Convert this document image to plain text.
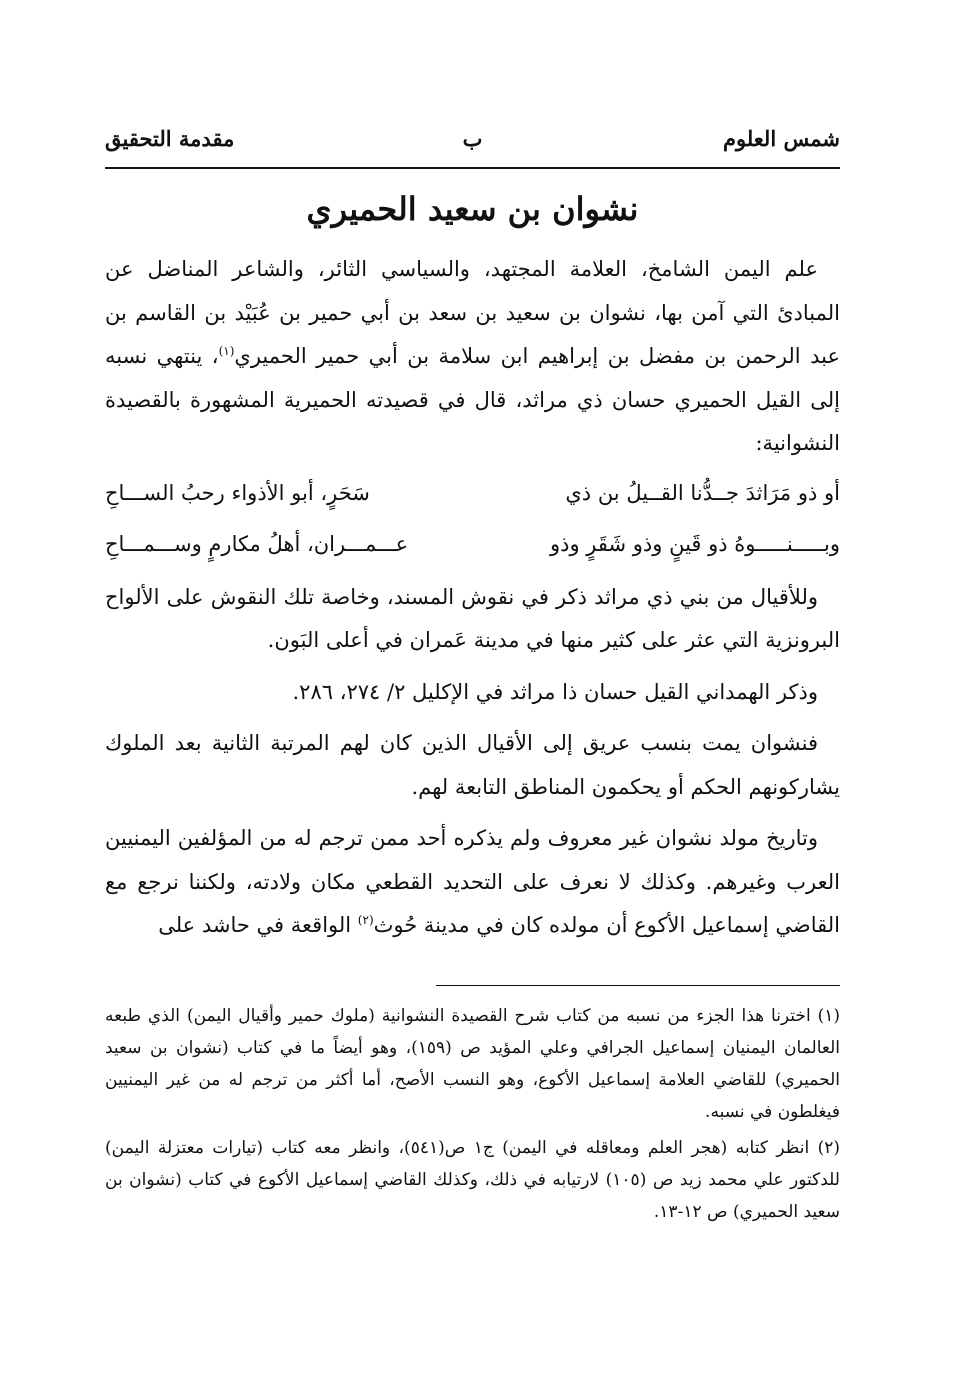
شمس العلوم
ب
مقدمة التحقيق
نشوان بن سعيد الحميري

علم اليمن الشامخ، العلامة المجتهد، والسياسي الثائر، والشاعر المناضل عن المبادئ التي آمن بها، نشوان بن سعيد بن سعد بن أبي حمير بن عُبَيْد بن القاسم بن عبد الرحمن بن مفضل بن إبراهيم ابن سلامة بن أبي حمير الحميري$^{(١)}$، ينتهي نسبه إلى القيل الحميري حسان ذي مراثد، قال في قصيدته الحميرية المشهورة بالقصيدة النشوانية:

أو ذو مَرَاثدَ جــدُّنا القــيلُ بن ذي
سَحَرٍ، أبو الأذواء رحبُ الســـاحِ
وبـــــنـــــوهُ ذو قَينٍ وذو شَقَرٍ وذو
عـــمـــران، أهلُ مكارمٍ وســـمـــاحِ

وللأقيال من بني ذي مراثد ذكر في نقوش المسند، وخاصة تلك النقوش على الألواح البرونزية التي عثر على كثير منها في مدينة عَمران في أعلى البَون.

وذكر الهمداني القيل حسان ذا مراثد في الإكليل ٢/ ٢٧٤، ٢٨٦.

فنشوان يمت بنسب عريق إلى الأقيال الذين كان لهم المرتبة الثانية بعد الملوك يشاركونهم الحكم أو يحكمون المناطق التابعة لهم.

وتاريخ مولد نشوان غير معروف ولم يذكره أحد ممن ترجم له من المؤلفين اليمنيين العرب وغيرهم. وكذلك لا نعرف على التحديد القطعي مكان ولادته، ولكننا نرجع مع القاضي إسماعيل الأكوع أن مولده كان في مدينة حُوث$^{(٢)}$ الواقعة في حاشد على

(١) اخترنا هذا الجزء من نسبه من كتاب شرح القصيدة النشوانية (ملوك حمير وأقيال اليمن) الذي طبعه العالمان اليمنيان إسماعيل الجرافي وعلي المؤيد ص (١٥٩)، وهو أيضاً ما في كتاب (نشوان بن سعيد الحميري) للقاضي العلامة إسماعيل الأكوع، وهو النسب الأصح، أما أكثر من ترجم له من غير اليمنيين فيغلطون في نسبه.

(٢) انظر كتابه (هجر العلم ومعاقله في اليمن) ج١ ص(٥٤١)، وانظر معه كتاب (تيارات معتزلة اليمن) للدكتور علي محمد زيد ص (١٠٥) لارتيابه في ذلك، وكذلك القاضي إسماعيل الأكوع في كتاب (نشوان بن سعيد الحميري) ص ١٢-١٣.
